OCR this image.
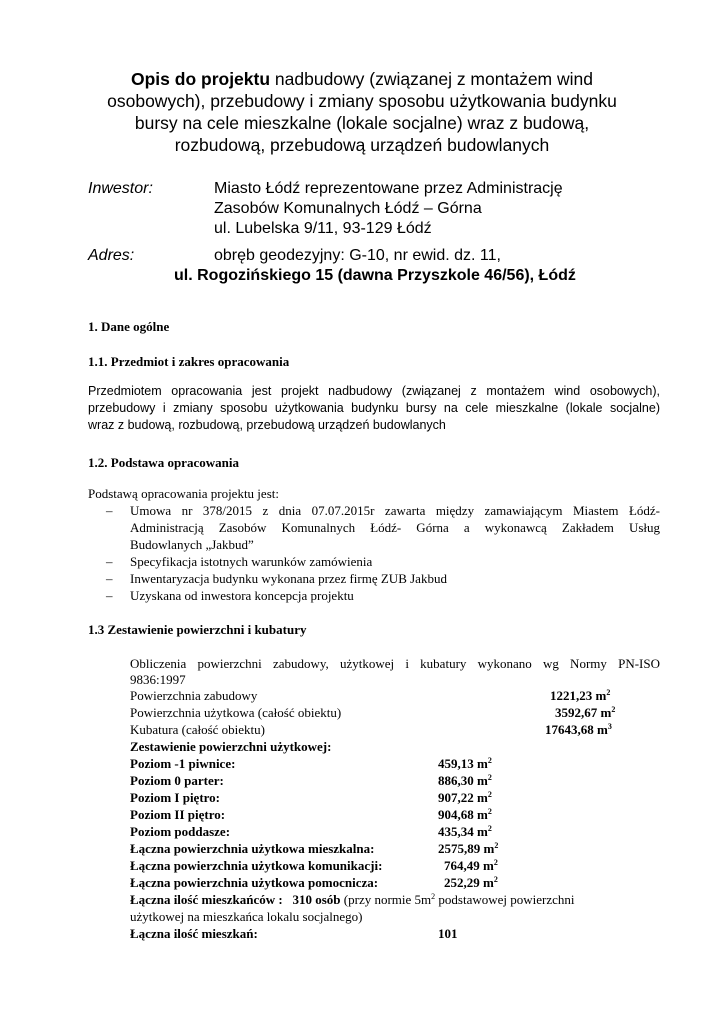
Opis do projektu nadbudowy (związanej z montażem wind
osobowych), przebudowy i zmiany sposobu użytkowania budynku
bursy na cele mieszkalne (lokale socjalne) wraz z budową,
rozbudową, przebudową urządzeń budowlanych
Inwestor:	Miasto Łódź reprezentowane przez Administrację
Zasobów Komunalnych Łódź – Górna
ul. Lubelska 9/11, 93-129 Łódź
Adres:	obręb geodezyjny: G-10, nr ewid. dz. 11,
ul. Rogozińskiego 15 (dawna Przyszkole 46/56), Łódź
1. Dane ogólne
1.1. Przedmiot i zakres opracowania
Przedmiotem opracowania jest projekt nadbudowy (związanej z montażem wind osobowych),
przebudowy i zmiany sposobu użytkowania budynku bursy na cele mieszkalne (lokale socjalne)
wraz z budową, rozbudową, przebudową urządzeń budowlanych
1.2. Podstawa opracowania
Podstawą opracowania projektu jest:
– Umowa nr 378/2015 z dnia 07.07.2015r zawarta między zamawiającym Miastem Łódź-
Administracją Zasobów Komunalnych Łódź- Górna a wykonawcą Zakładem Usług
Budowlanych „Jakbud”
– Specyfikacja istotnych warunków zamówienia
– Inwentaryzacja budynku wykonana przez firmę ZUB Jakbud
– Uzyskana od inwestora koncepcja projektu
1.3 Zestawienie powierzchni i kubatury
Obliczenia powierzchni zabudowy, użytkowej i kubatury wykonano wg Normy PN-ISO
9836:1997
Powierzchnia zabudowy	1221,23 $m^2$
Powierzchnia użytkowa (całość obiektu)	3592,67 $m^2$
Kubatura (całość obiektu)	17643,68 $m^3$
Zestawienie powierzchni użytkowej:
Poziom -1 piwnice:	459,13 $m^2$
Poziom 0 parter:	886,30 $m^2$
Poziom I piętro:	907,22 $m^2$
Poziom II piętro:	904,68 $m^2$
Poziom poddasze:	435,34 $m^2$
Łączna powierzchnia użytkowa mieszkalna:	2575,89 $m^2$
Łączna powierzchnia użytkowa komunikacji:	764,49 $m^2$
Łączna powierzchnia użytkowa pomocnicza:	252,29 $m^2$
Łączna ilość mieszkańców : 310 osób (przy normie $5m^2$ podstawowej powierzchni
użytkowej na mieszkańca lokalu socjalnego)
Łączna ilość mieszkań:	101
